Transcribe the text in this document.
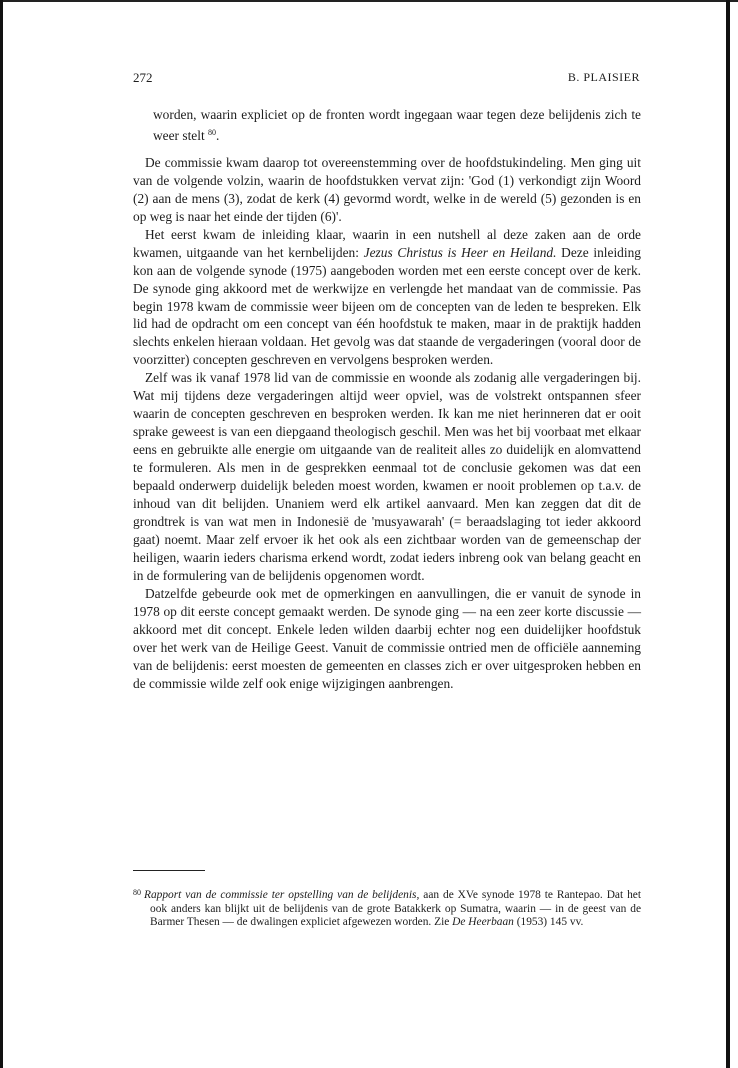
272	B. PLAISIER

worden, waarin expliciet op de fronten wordt ingegaan waar tegen deze belijdenis zich te weer stelt $^{80}$.

De commissie kwam daarop tot overeenstemming over de hoofdstukindeling. Men ging uit van de volgende volzin, waarin de hoofdstukken vervat zijn: 'God (1) verkondigt zijn Woord (2) aan de mens (3), zodat de kerk (4) gevormd wordt, welke in de wereld (5) gezonden is en op weg is naar het einde der tijden (6)'.

Het eerst kwam de inleiding klaar, waarin in een nutshell al deze zaken aan de orde kwamen, uitgaande van het kernbelijden: Jezus Christus is Heer en Heiland. Deze inleiding kon aan de volgende synode (1975) aangeboden worden met een eerste concept over de kerk. De synode ging akkoord met de werkwijze en verlengde het mandaat van de commissie. Pas begin 1978 kwam de commissie weer bijeen om de concepten van de leden te bespreken. Elk lid had de opdracht om een concept van één hoofdstuk te maken, maar in de praktijk hadden slechts enkelen hieraan voldaan. Het gevolg was dat staande de vergaderingen (vooral door de voorzitter) concepten geschreven en vervolgens besproken werden.

Zelf was ik vanaf 1978 lid van de commissie en woonde als zodanig alle vergaderingen bij. Wat mij tijdens deze vergaderingen altijd weer opviel, was de volstrekt ontspannen sfeer waarin de concepten geschreven en besproken werden. Ik kan me niet herinneren dat er ooit sprake geweest is van een diepgaand theologisch geschil. Men was het bij voorbaat met elkaar eens en gebruikte alle energie om uitgaande van de realiteit alles zo duidelijk en alomvattend te formuleren. Als men in de gesprekken eenmaal tot de conclusie gekomen was dat een bepaald onderwerp duidelijk beleden moest worden, kwamen er nooit problemen op t.a.v. de inhoud van dit belijden. Unaniem werd elk artikel aanvaard. Men kan zeggen dat dit de grondtrek is van wat men in Indonesië de 'musyawarah' (= beraadslaging tot ieder akkoord gaat) noemt. Maar zelf ervoer ik het ook als een zichtbaar worden van de gemeenschap der heiligen, waarin ieders charisma erkend wordt, zodat ieders inbreng ook van belang geacht en in de formulering van de belijdenis opgenomen wordt.

Datzelfde gebeurde ook met de opmerkingen en aanvullingen, die er vanuit de synode in 1978 op dit eerste concept gemaakt werden. De synode ging — na een zeer korte discussie — akkoord met dit concept. Enkele leden wilden daarbij echter nog een duidelijker hoofdstuk over het werk van de Heilige Geest. Vanuit de commissie ontried men de officiële aanneming van de belijdenis: eerst moesten de gemeenten en classes zich er over uitgesproken hebben en de commissie wilde zelf ook enige wijzigingen aanbrengen.

$^{80}$ Rapport van de commissie ter opstelling van de belijdenis, aan de XVe synode 1978 te Rantepao. Dat het ook anders kan blijkt uit de belijdenis van de grote Batakkerk op Sumatra, waarin — in de geest van de Barmer Thesen — de dwalingen expliciet afgewezen worden. Zie De Heerbaan (1953) 145 vv.
